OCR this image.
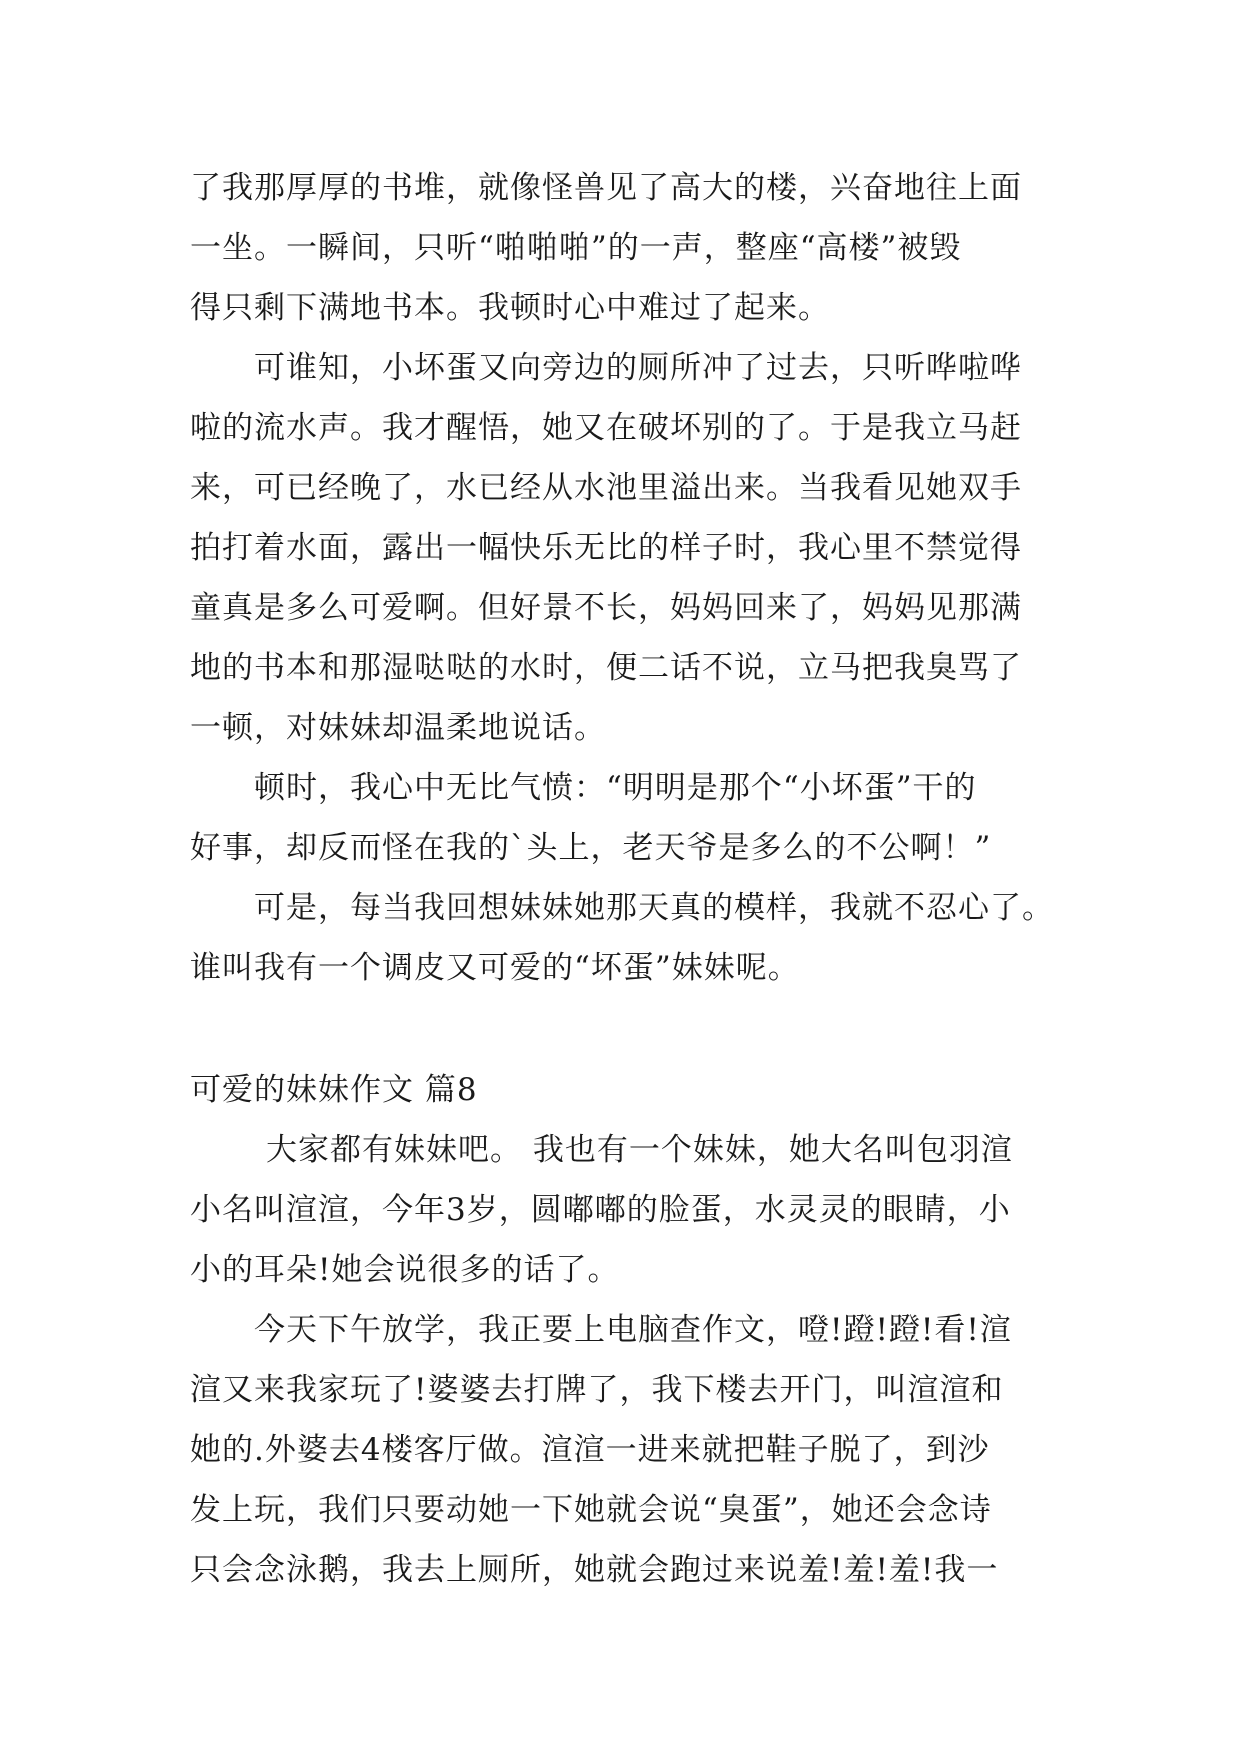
了我那厚厚的书堆，就像怪兽见了高大的楼，兴奋地往上面
一坐。一瞬间，只听“啪啪啪”的一声，整座“高楼”被毁
得只剩下满地书本。我顿时心中难过了起来。
可谁知，小坏蛋又向旁边的厕所冲了过去，只听哗啦哗
啦的流水声。我才醒悟，她又在破坏别的了。于是我立马赶
来，可已经晚了，水已经从水池里溢出来。当我看见她双手
拍打着水面，露出一幅快乐无比的样子时，我心里不禁觉得
童真是多么可爱啊。但好景不长，妈妈回来了，妈妈见那满
地的书本和那湿哒哒的水时，便二话不说，立马把我臭骂了
一顿，对妹妹却温柔地说话。
顿时，我心中无比气愤：“明明是那个“小坏蛋”干的
好事，却反而怪在我的`头上，老天爷是多么的不公啊！”
可是，每当我回想妹妹她那天真的模样，我就不忍心了。
谁叫我有一个调皮又可爱的“坏蛋”妹妹呢。
可爱的妹妹作文 篇8
大家都有妹妹吧。 我也有一个妹妹，她大名叫包羽渲
小名叫渲渲，今年3岁，圆嘟嘟的脸蛋，水灵灵的眼睛，小
小的耳朵!她会说很多的话了。
今天下午放学，我正要上电脑查作文，噔!蹬!蹬!看!渲
渲又来我家玩了!婆婆去打牌了，我下楼去开门，叫渲渲和
她的.外婆去4楼客厅做。渲渲一进来就把鞋子脱了，到沙
发上玩，我们只要动她一下她就会说“臭蛋”，她还会念诗
只会念泳鹅，我去上厕所，她就会跑过来说羞!羞!羞!我一
